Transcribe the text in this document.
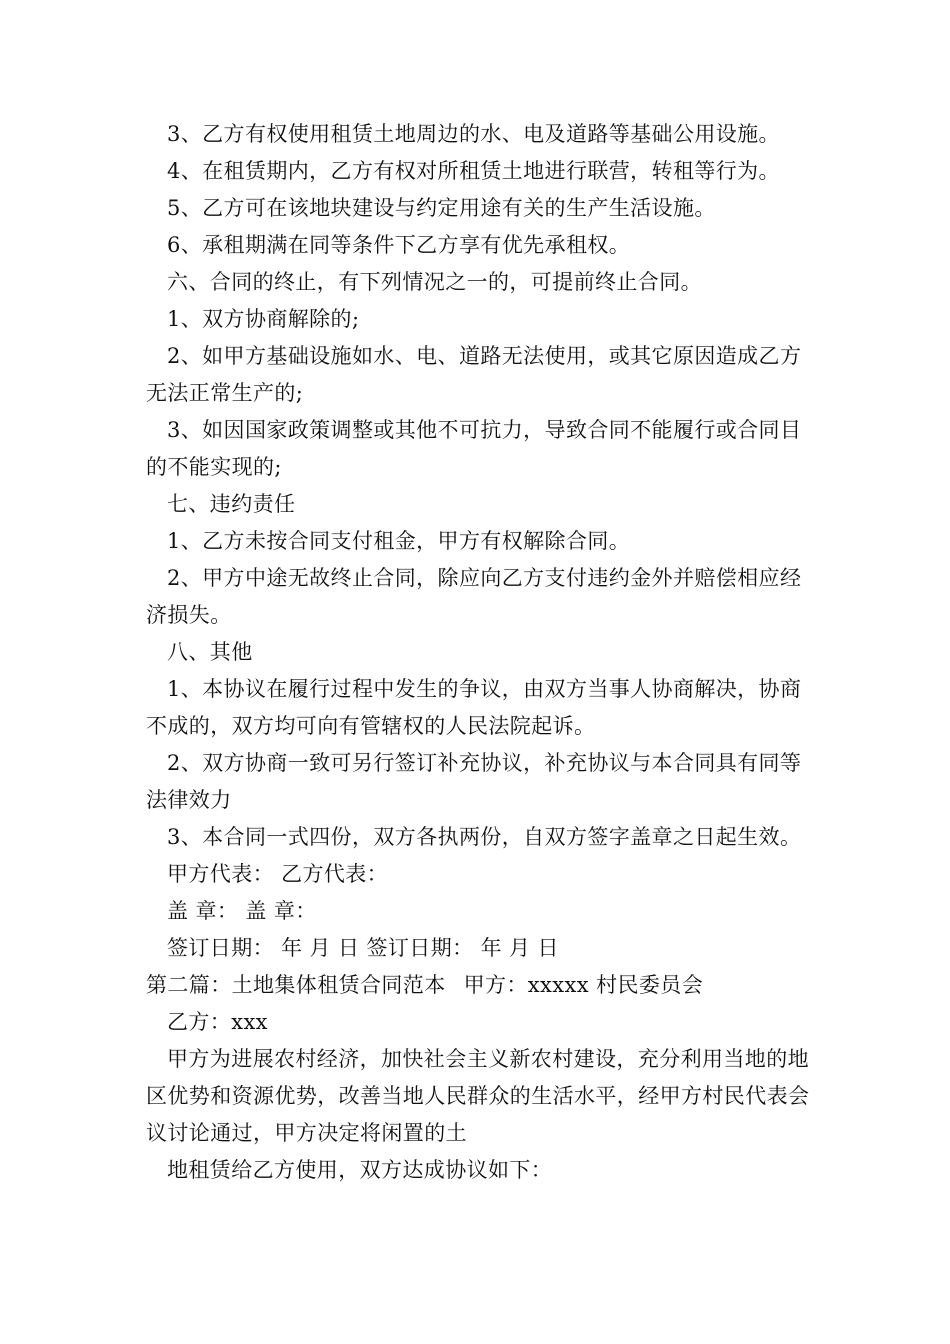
3、乙方有权使用租赁土地周边的水、电及道路等基础公用设施。

4、在租赁期内，乙方有权对所租赁土地进行联营，转租等行为。

5、乙方可在该地块建设与约定用途有关的生产生活设施。

6、承租期满在同等条件下乙方享有优先承租权。

六、合同的终止，有下列情况之一的，可提前终止合同。

1、双方协商解除的;

2、如甲方基础设施如水、电、道路无法使用，或其它原因造成乙方无法正常生产的;

3、如因国家政策调整或其他不可抗力，导致合同不能履行或合同目的不能实现的;

七、违约责任

1、乙方未按合同支付租金，甲方有权解除合同。

2、甲方中途无故终止合同，除应向乙方支付违约金外并赔偿相应经济损失。

八、其他

1、本协议在履行过程中发生的争议，由双方当事人协商解决，协商不成的，双方均可向有管辖权的人民法院起诉。

2、双方协商一致可另行签订补充协议，补充协议与本合同具有同等法律效力

3、本合同一式四份，双方各执两份，自双方签字盖章之日起生效。

甲方代表： 乙方代表：

盖 章： 盖 章：

签订日期： 年 月 日 签订日期： 年 月 日

第二篇：土地集体租赁合同范本 甲方：xxxxx 村民委员会

乙方：xxx

甲方为进展农村经济，加快社会主义新农村建设，充分利用当地的地区优势和资源优势，改善当地人民群众的生活水平，经甲方村民代表会议讨论通过，甲方决定将闲置的土

地租赁给乙方使用，双方达成协议如下：
